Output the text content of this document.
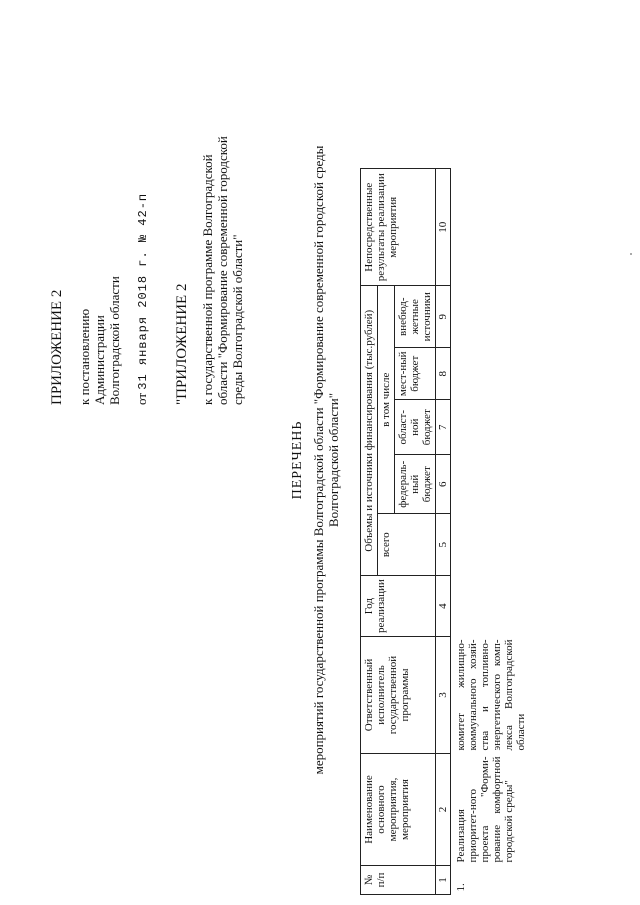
ПРИЛОЖЕНИЕ 2 к постановлению Администрации Волгоградской области от 31 января 2018 г. № 42-п "ПРИЛОЖЕНИЕ 2 к государственной программе Волгоградской области "Формирование современной городской среды Волгоградской области"
ПЕРЕЧЕНЬ мероприятий государственной программы Волгоградской области "Формирование современной городской среды Волгоградской области"
№ п/п	Наименование основного мероприятия, мероприятия	Ответственный исполнитель государственной программы	Год реализации	Объемы и источники финансирования (тыс.рублей)					Непосредственные результаты реализации мероприятия
				всего	в том числе				
					федераль-ный бюджет	област-ной бюджет	мест-ный бюджет	внебюд-жетные источники	
1	2	3	4	5	6	7	8	9	10
1.	Реализация приоритет-ного проекта "Форми-рование комфортной городской среды"	комитет жилищно-коммунального хозяй-ства и топливно-энергетического комп-лекса Волгоградской области							
